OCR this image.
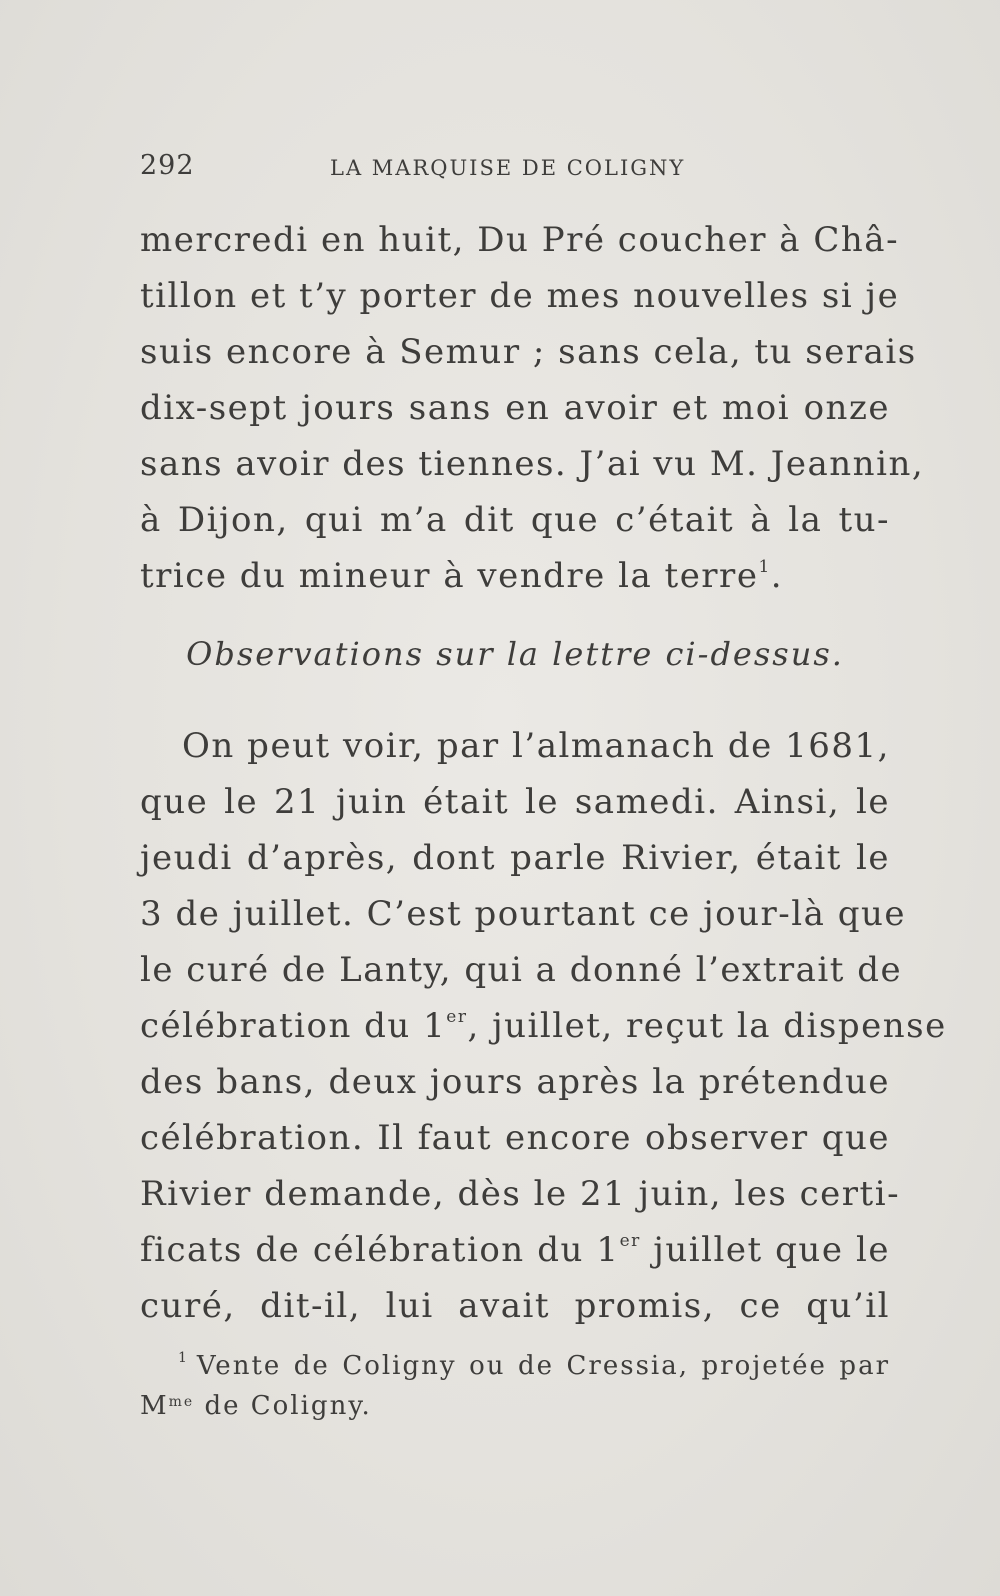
292	LA MARQUISE DE COLIGNY
mercredi en huit, Du Pré coucher à Châ-
tillon et t’y porter de mes nouvelles si je
suis encore à Semur ; sans cela, tu serais
dix-sept jours sans en avoir et moi onze
sans avoir des tiennes. J’ai vu M. Jeannin,
à Dijon, qui m’a dit que c’était à la tu-
trice du mineur à vendre la terre$^1$.
Observations sur la lettre ci-dessus.
On peut voir, par l’almanach de 1681,
que le 21 juin était le samedi. Ainsi, le
jeudi d’après, dont parle Rivier, était le
3 de juillet. C’est pourtant ce jour-là que
le curé de Lanty, qui a donné l’extrait de
célébration du 1er, juillet, reçut la dispense
des bans, deux jours après la prétendue
célébration. Il faut encore observer que
Rivier demande, dès le 21 juin, les certi-
ficats de célébration du 1er juillet que le
curé, dit-il, lui avait promis, ce qu’il
$^1$ Vente de Coligny ou de Cressia, projetée par
$M^{me}$ de Coligny.
